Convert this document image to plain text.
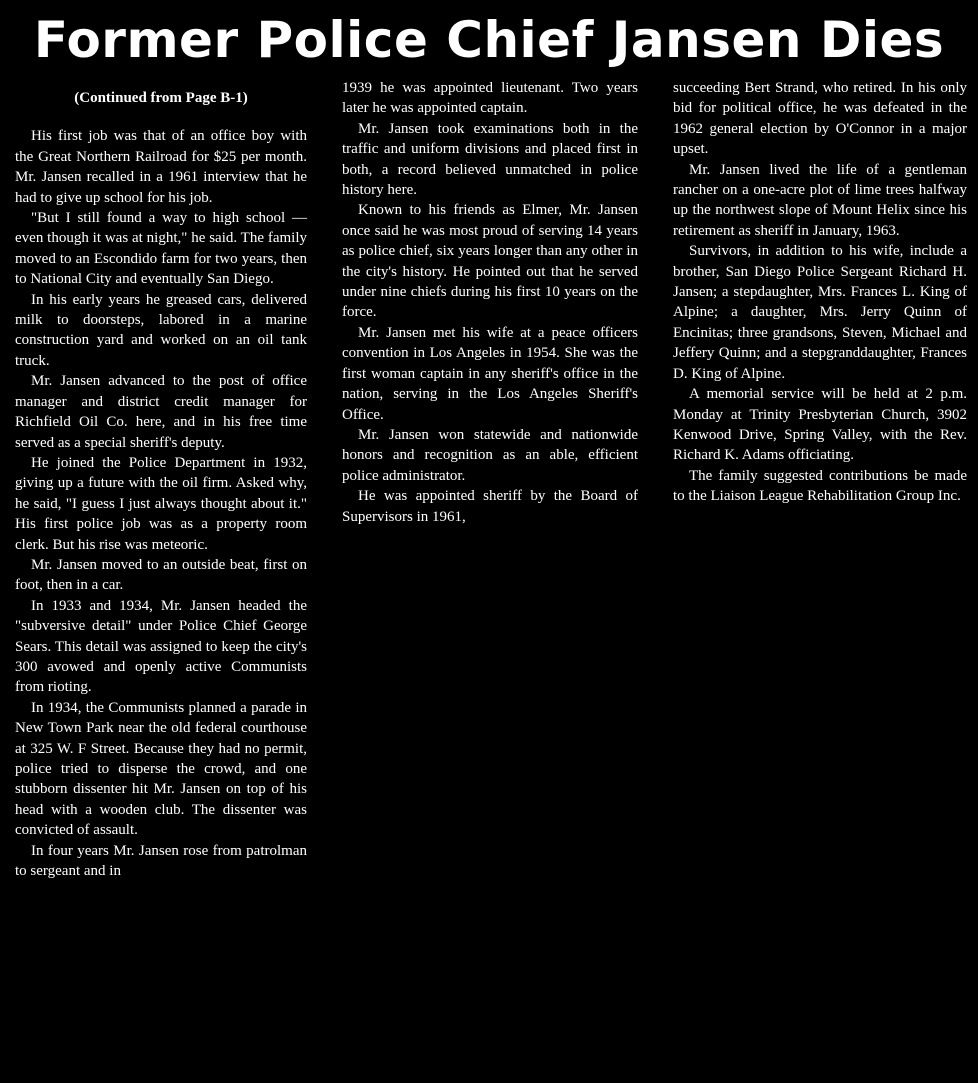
Former Police Chief Jansen Dies

(Continued from Page B-1)

His first job was that of an office boy with the Great Northern Railroad for $25 per month. Mr. Jansen recalled in a 1961 interview that he had to give up school for his job.

"But I still found a way to high school — even though it was at night," he said. The family moved to an Escondido farm for two years, then to National City and eventually San Diego.

In his early years he greased cars, delivered milk to doorsteps, labored in a marine construction yard and worked on an oil tank truck.

Mr. Jansen advanced to the post of office manager and district credit manager for Richfield Oil Co. here, and in his free time served as a special sheriff's deputy.

He joined the Police Department in 1932, giving up a future with the oil firm. Asked why, he said, "I guess I just always thought about it." His first police job was as a property room clerk. But his rise was meteoric.

Mr. Jansen moved to an outside beat, first on foot, then in a car.

In 1933 and 1934, Mr. Jansen headed the "subversive detail" under Police Chief George Sears. This detail was assigned to keep the city's 300 avowed and openly active Communists from rioting.

In 1934, the Communists planned a parade in New Town Park near the old federal courthouse at 325 W. F Street. Because they had no permit, police tried to disperse the crowd, and one stubborn dissenter hit Mr. Jansen on top of his head with a wooden club. The dissenter was convicted of assault.

In four years Mr. Jansen rose from patrolman to sergeant and in

1939 he was appointed lieutenant. Two years later he was appointed captain.

Mr. Jansen took examinations both in the traffic and uniform divisions and placed first in both, a record believed unmatched in police history here.

Known to his friends as Elmer, Mr. Jansen once said he was most proud of serving 14 years as police chief, six years longer than any other in the city's history. He pointed out that he served under nine chiefs during his first 10 years on the force.

Mr. Jansen met his wife at a peace officers convention in Los Angeles in 1954. She was the first woman captain in any sheriff's office in the nation, serving in the Los Angeles Sheriff's Office.

Mr. Jansen won statewide and nationwide honors and recognition as an able, efficient police administrator.

He was appointed sheriff by the Board of Supervisors in 1961,

succeeding Bert Strand, who retired. In his only bid for political office, he was defeated in the 1962 general election by O'Connor in a major upset.

Mr. Jansen lived the life of a gentleman rancher on a one-acre plot of lime trees halfway up the northwest slope of Mount Helix since his retirement as sheriff in January, 1963.

Survivors, in addition to his wife, include a brother, San Diego Police Sergeant Richard H. Jansen; a stepdaughter, Mrs. Frances L. King of Alpine; a daughter, Mrs. Jerry Quinn of Encinitas; three grandsons, Steven, Michael and Jeffery Quinn; and a stepgranddaughter, Frances D. King of Alpine.

A memorial service will be held at 2 p.m. Monday at Trinity Presbyterian Church, 3902 Kenwood Drive, Spring Valley, with the Rev. Richard K. Adams officiating.

The family suggested contributions be made to the Liaison League Rehabilitation Group Inc.
